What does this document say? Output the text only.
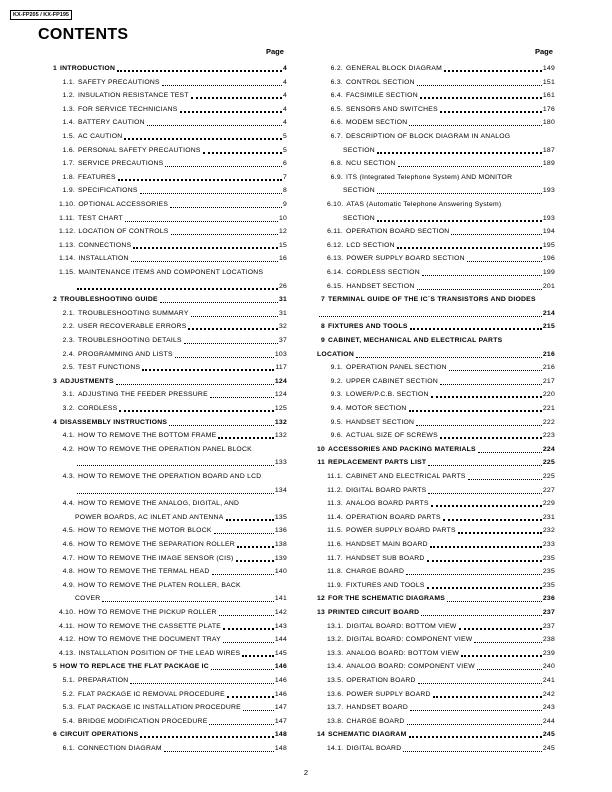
KX-FP205 / KX-FP195
CONTENTS
Page	Page
1 INTRODUCTION	4
1.1. SAFETY PRECAUTIONS	4
1.2. INSULATION RESISTANCE TEST	4
1.3. FOR SERVICE TECHNICIANS	4
1.4. BATTERY CAUTION	4
1.5. AC CAUTION	5
1.6. PERSONAL SAFETY PRECAUTIONS	5
1.7. SERVICE PRECAUTIONS	6
1.8. FEATURES	7
1.9. SPECIFICATIONS	8
1.10. OPTIONAL ACCESSORIES	9
1.11. TEST CHART	10
1.12. LOCATION OF CONTROLS	12
1.13. CONNECTIONS	15
1.14. INSTALLATION	16
1.15. MAINTENANCE ITEMS AND COMPONENT LOCATIONS
26
2 TROUBLESHOOTING GUIDE	31
2.1. TROUBLESHOOTING SUMMARY	31
2.2. USER RECOVERABLE ERRORS	32
2.3. TROUBLESHOOTING DETAILS	37
2.4. PROGRAMMING AND LISTS	103
2.5. TEST FUNCTIONS	117
3 ADJUSTMENTS	124
3.1. ADJUSTING THE FEEDER PRESSURE	124
3.2. CORDLESS	125
4 DISASSEMBLY INSTRUCTIONS	132
4.1. HOW TO REMOVE THE BOTTOM FRAME	132
4.2. HOW TO REMOVE THE OPERATION PANEL BLOCK
133
4.3. HOW TO REMOVE THE OPERATION BOARD AND LCD
134
4.4. HOW TO REMOVE THE ANALOG, DIGITAL, AND
POWER BOARDS, AC INLET AND ANTENNA	135
4.5. HOW TO REMOVE THE MOTOR BLOCK	136
4.6. HOW TO REMOVE THE SEPARATION ROLLER	138
4.7. HOW TO REMOVE THE IMAGE SENSOR (CIS)	139
4.8. HOW TO REMOVE THE TERMAL HEAD	140
4.9. HOW TO REMOVE THE PLATEN ROLLER, BACK
COVER	141
4.10. HOW TO REMOVE THE PICKUP ROLLER	142
4.11. HOW TO REMOVE THE CASSETTE PLATE	143
4.12. HOW TO REMOVE THE DOCUMENT TRAY	144
4.13. INSTALLATION POSITION OF THE LEAD WIRES	145
5 HOW TO REPLACE THE FLAT PACKAGE IC	146
5.1. PREPARATION	146
5.2. FLAT PACKAGE IC REMOVAL PROCEDURE	146
5.3. FLAT PACKAGE IC INSTALLATION PROCEDURE	147
5.4. BRIDGE MODIFICATION PROCEDURE	147
6 CIRCUIT OPERATIONS	148
6.1. CONNECTION DIAGRAM	148
6.2. GENERAL BLOCK DIAGRAM	149
6.3. CONTROL SECTION	151
6.4. FACSIMILE SECTION	161
6.5. SENSORS AND SWITCHES	176
6.6. MODEM SECTION	180
6.7. DESCRIPTION OF BLOCK DIAGRAM IN ANALOG
SECTION	187
6.8. NCU SECTION	189
6.9. ITS (Integrated Telephone System) AND MONITOR
SECTION	193
6.10. ATAS (Automatic Telephone Answering System)
SECTION	193
6.11. OPERATION BOARD SECTION	194
6.12. LCD SECTION	195
6.13. POWER SUPPLY BOARD SECTION	196
6.14. CORDLESS SECTION	199
6.15. HANDSET SECTION	201
7 TERMINAL GUIDE OF THE IC`S TRANSISTORS AND DIODES
214
8 FIXTURES AND TOOLS	215
9 CABINET, MECHANICAL AND ELECTRICAL PARTS
LOCATION	216
9.1. OPERATION PANEL SECTION	216
9.2. UPPER CABINET SECTION	217
9.3. LOWER/P.C.B. SECTION	220
9.4. MOTOR SECTION	221
9.5. HANDSET SECTION	222
9.6. ACTUAL SIZE OF SCREWS	223
10 ACCESSORIES AND PACKING MATERIALS	224
11 REPLACEMENT PARTS LIST	225
11.1. CABINET AND ELECTRICAL PARTS	225
11.2. DIGITAL BOARD PARTS	227
11.3. ANALOG BOARD PARTS	229
11.4. OPERATION BOARD PARTS	231
11.5. POWER SUPPLY BOARD PARTS	232
11.6. HANDSET MAIN BOARD	233
11.7. HANDSET SUB BOARD	235
11.8. CHARGE BOARD	235
11.9. FIXTURES AND TOOLS	235
12 FOR THE SCHEMATIC DIAGRAMS	236
13 PRINTED CIRCUIT BOARD	237
13.1. DIGITAL BOARD: BOTTOM VIEW	237
13.2. DIGITAL BOARD: COMPONENT VIEW	238
13.3. ANALOG BOARD: BOTTOM VIEW	239
13.4. ANALOG BOARD: COMPONENT VIEW	240
13.5. OPERATION BOARD	241
13.6. POWER SUPPLY BOARD	242
13.7. HANDSET BOARD	243
13.8. CHARGE BOARD	244
14 SCHEMATIC DIAGRAM	245
14.1. DIGITAL BOARD	245
2
